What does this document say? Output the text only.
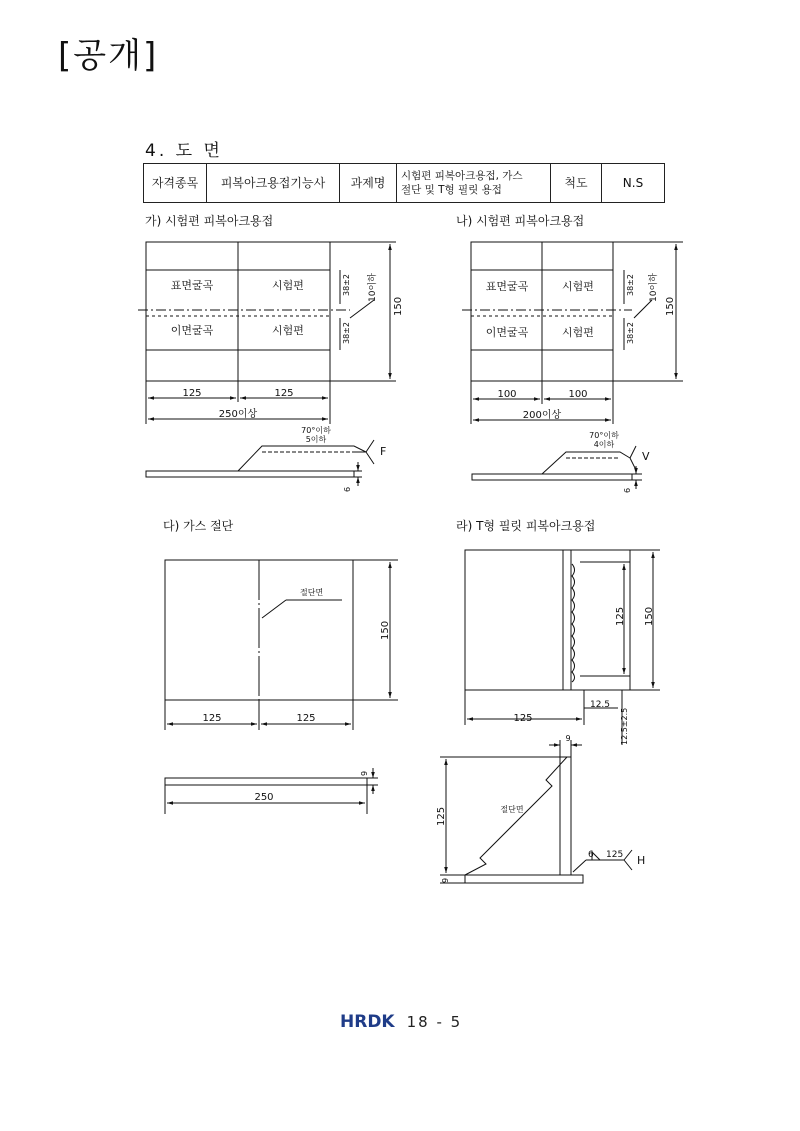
[공개]
4. 도 면
자격종목	피복아크용접기능사	과제명	시험편 피복아크용접, 가스
절단 및 T형 필릿 용접	척도	N.S
가) 시험편 피복아크용접
표면굴곡	시험편
이면굴곡	시험편
38±2
38±2
10이하
150
125	125
250이상
F
70°이하
5이하
6
나) 시험편 피복아크용접
표면굴곡	시험편
이면굴곡	시험편
38±2
38±2
10이하
150
100	100
200이상
V
70°이하
4이하
6
다) 가스 절단
절단면
150
125	125
250
9
라) T형 필릿 피복아크용접
125 150
125
12.5
12.5±2.5
9
절단면
125
9
6 125 H
HRDK 18 - 5
